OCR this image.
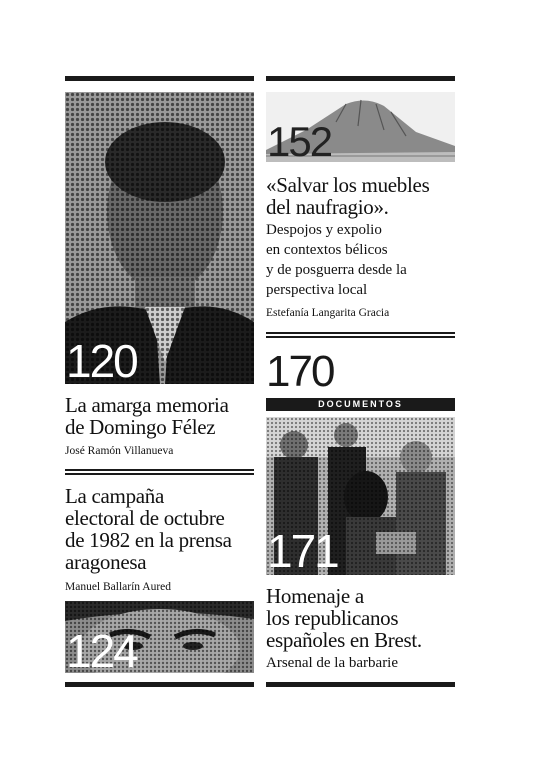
120
La amarga memoria
de Domingo Félez
José Ramón Villanueva
La campaña
electoral de octubre
de 1982 en la prensa
aragonesa
Manuel Ballarín Aured
124
152
«Salvar los muebles
del naufragio».
Despojos y expolio
en contextos bélicos
y de posguerra desde la
perspectiva local
Estefanía Langarita Gracia
170
DOCUMENTOS
171
Homenaje a
los republicanos
españoles en Brest.
Arsenal de la barbarie
